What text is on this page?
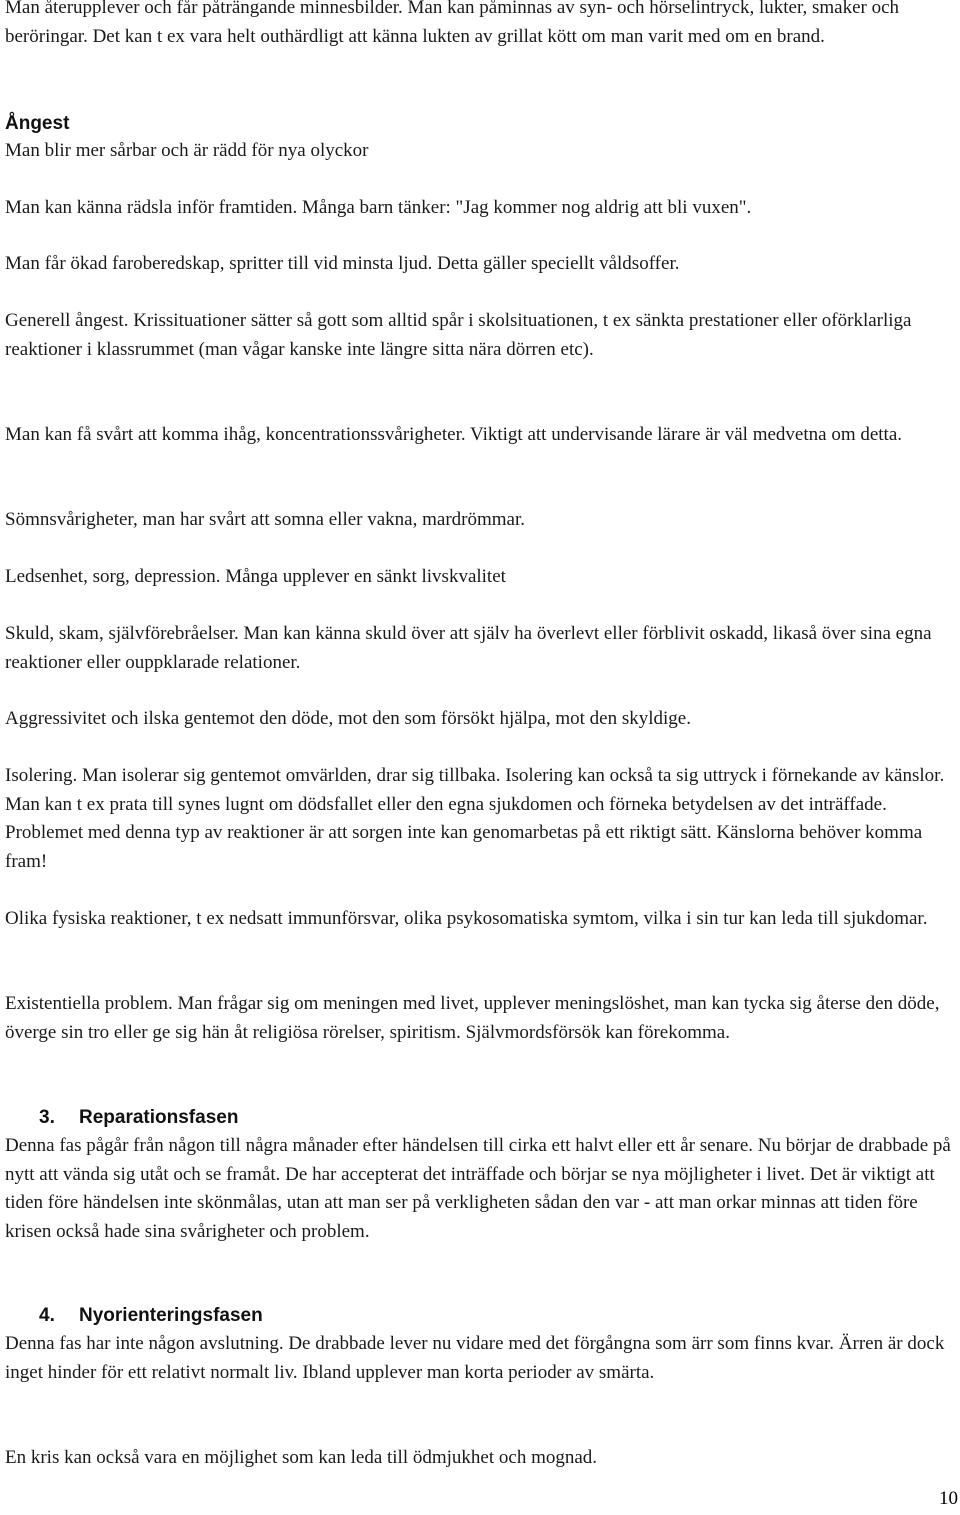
Man återupplever och får påträngande minnesbilder. Man kan påminnas av syn- och hörselintryck, lukter, smaker och beröringar. Det kan t ex vara helt outhärdligt att känna lukten av grillat kött om man varit med om en brand.

Ångest

Man blir mer sårbar och är rädd för nya olyckor

Man kan känna rädsla inför framtiden. Många barn tänker: "Jag kommer nog aldrig att bli vuxen".

Man får ökad faroberedskap, spritter till vid minsta ljud. Detta gäller speciellt våldsoffer.

Generell ångest. Krissituationer sätter så gott som alltid spår i skolsituationen, t ex sänkta prestationer eller oförklarliga reaktioner i klassrummet (man vågar kanske inte längre sitta nära dörren etc).

Man kan få svårt att komma ihåg, koncentrationssvårigheter. Viktigt att undervisande lärare är väl medvetna om detta.

Sömnsvårigheter, man har svårt att somna eller vakna, mardrömmar.

Ledsenhet, sorg, depression. Många upplever en sänkt livskvalitet

Skuld, skam, självförebråelser. Man kan känna skuld över att själv ha överlevt eller förblivit oskadd, likaså över sina egna reaktioner eller ouppklarade relationer.

Aggressivitet och ilska gentemot den döde, mot den som försökt hjälpa, mot den skyldige.

Isolering. Man isolerar sig gentemot omvärlden, drar sig tillbaka. Isolering kan också ta sig uttryck i förnekande av känslor. Man kan t ex prata till synes lugnt om dödsfallet eller den egna sjukdomen och förneka betydelsen av det inträffade. Problemet med denna typ av reaktioner är att sorgen inte kan genomarbetas på ett riktigt sätt. Känslorna behöver komma fram!

Olika fysiska reaktioner, t ex nedsatt immunförsvar, olika psykosomatiska symtom, vilka i sin tur kan leda till sjukdomar.

Existentiella problem. Man frågar sig om meningen med livet, upplever meningslöshet, man kan tycka sig återse den döde, överge sin tro eller ge sig hän åt religiösa rörelser, spiritism. Självmordsförsök kan förekomma.

3. Reparationsfasen

Denna fas pågår från någon till några månader efter händelsen till cirka ett halvt eller ett år senare. Nu börjar de drabbade på nytt att vända sig utåt och se framåt. De har accepterat det inträffade och börjar se nya möjligheter i livet. Det är viktigt att tiden före händelsen inte skönmålas, utan att man ser på verkligheten sådan den var - att man orkar minnas att tiden före krisen också hade sina svårigheter och problem.

4. Nyorienteringsfasen

Denna fas har inte någon avslutning. De drabbade lever nu vidare med det förgångna som ärr som finns kvar. Ärren är dock inget hinder för ett relativt normalt liv. Ibland upplever man korta perioder av smärta.

En kris kan också vara en möjlighet som kan leda till ödmjukhet och mognad.

10
